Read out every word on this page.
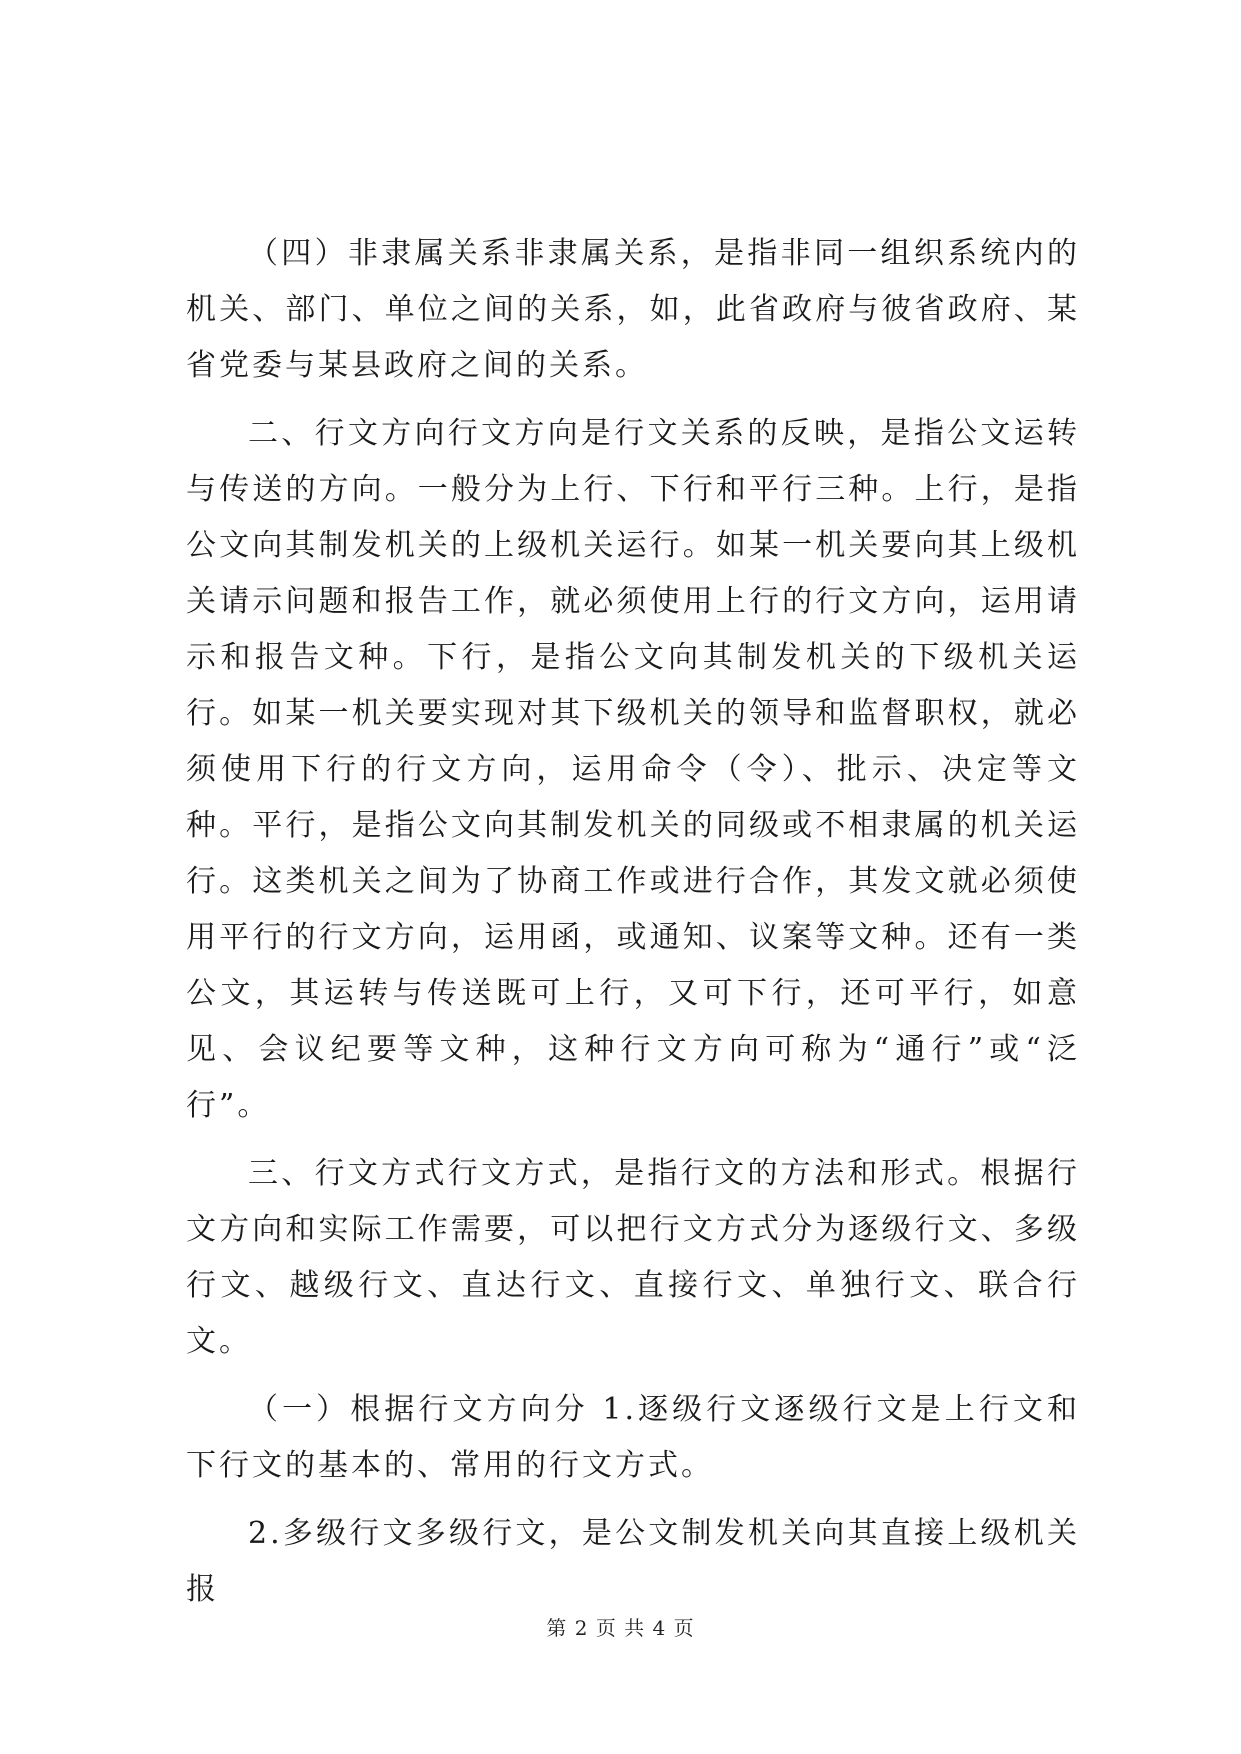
（四）非隶属关系非隶属关系，是指非同一组织系统内的机关、部门、单位之间的关系，如，此省政府与彼省政府、某省党委与某县政府之间的关系。

二、行文方向行文方向是行文关系的反映，是指公文运转与传送的方向。一般分为上行、下行和平行三种。上行，是指公文向其制发机关的上级机关运行。如某一机关要向其上级机关请示问题和报告工作，就必须使用上行的行文方向，运用请示和报告文种。下行，是指公文向其制发机关的下级机关运行。如某一机关要实现对其下级机关的领导和监督职权，就必须使用下行的行文方向，运用命令（令）、批示、决定等文种。平行，是指公文向其制发机关的同级或不相隶属的机关运行。这类机关之间为了协商工作或进行合作，其发文就必须使用平行的行文方向，运用函，或通知、议案等文种。还有一类公文，其运转与传送既可上行，又可下行，还可平行，如意见、会议纪要等文种，这种行文方向可称为“通行”或“泛行”。

三、行文方式行文方式，是指行文的方法和形式。根据行文方向和实际工作需要，可以把行文方式分为逐级行文、多级行文、越级行文、直达行文、直接行文、单独行文、联合行文。

（一）根据行文方向分 1.逐级行文逐级行文是上行文和下行文的基本的、常用的行文方式。

2.多级行文多级行文，是公文制发机关向其直接上级机关报

第 2 页 共 4 页
